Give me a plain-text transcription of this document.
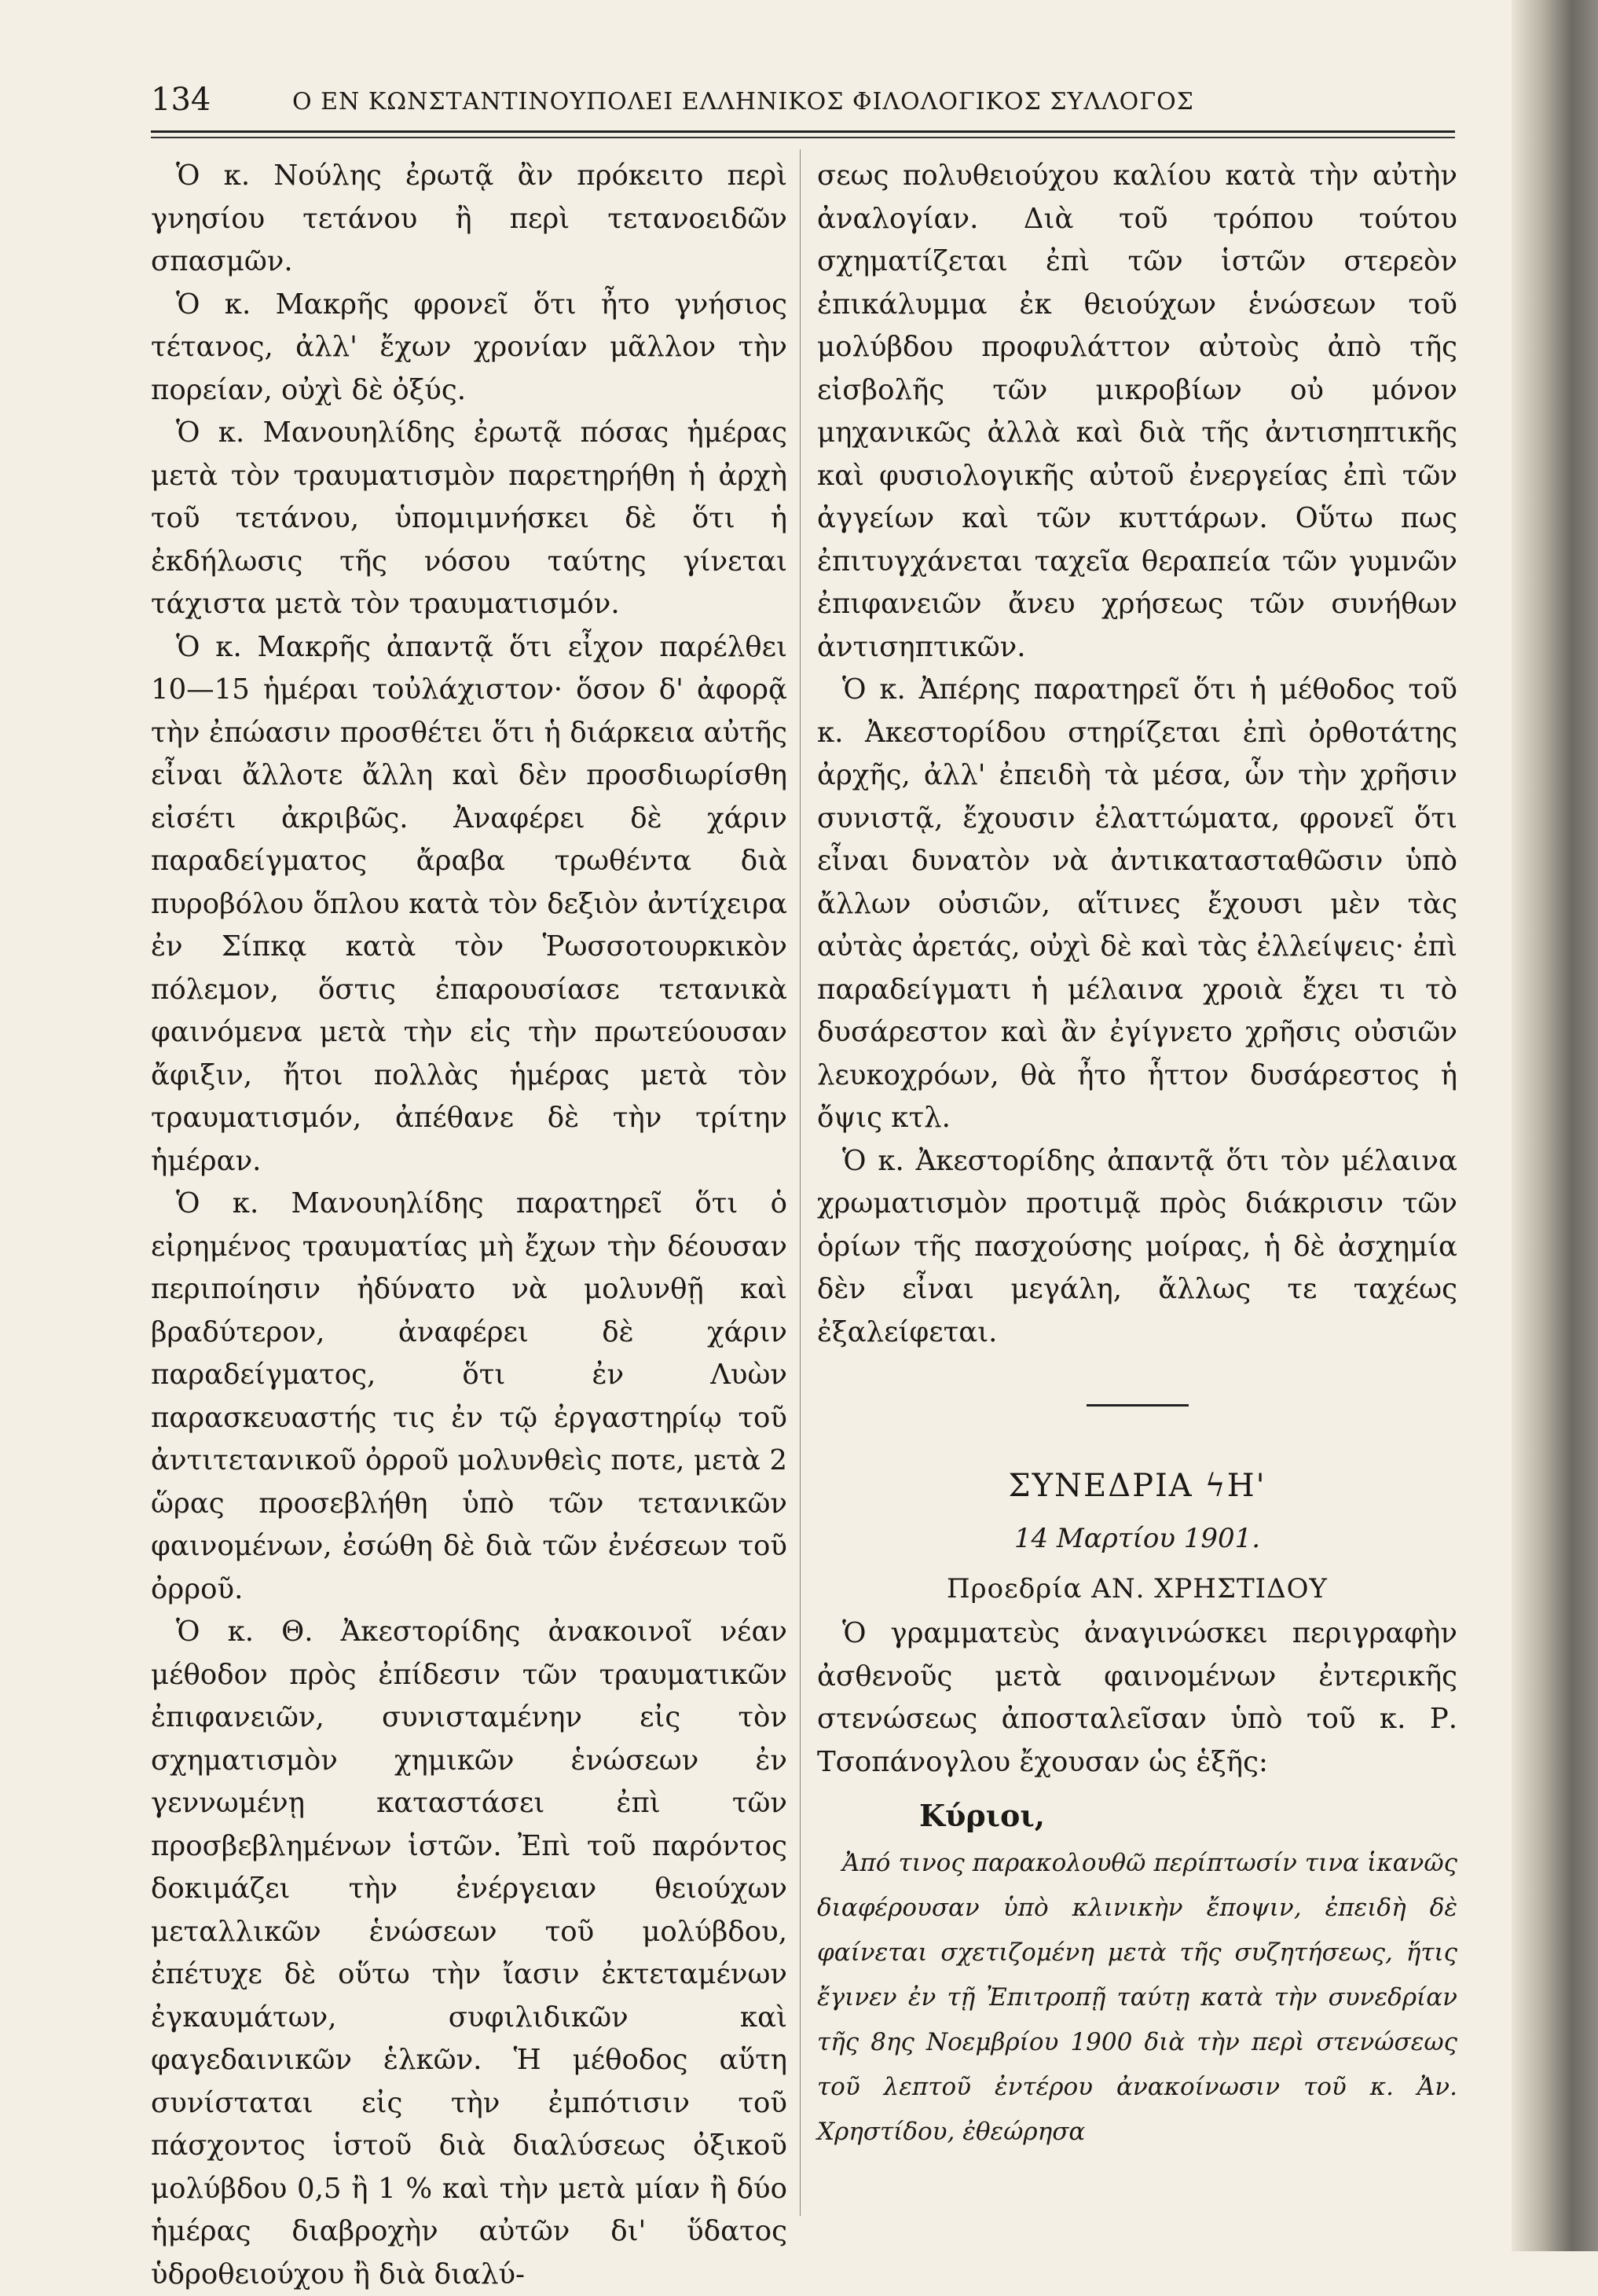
134	Ο ΕΝ ΚΩΝΣΤΑΝΤΙΝΟΥΠΟΛΕΙ ΕΛΛΗΝΙΚΟΣ ΦΙΛΟΛΟΓΙΚΟΣ ΣΥΛΛΟΓΟΣ

Ὁ κ. Νούλης ἐρωτᾷ ἂν πρόκειτο περὶ γνησίου τετάνου ἢ περὶ τετανοειδῶν σπασμῶν.

Ὁ κ. Μακρῆς φρονεῖ ὅτι ἦτο γνήσιος τέτανος, ἀλλ' ἔχων χρονίαν μᾶλλον τὴν πορείαν, οὐχὶ δὲ ὀξύς.

Ὁ κ. Μανουηλίδης ἐρωτᾷ πόσας ἡμέρας μετὰ τὸν τραυματισμὸν παρετηρήθη ἡ ἀρχὴ τοῦ τετάνου, ὑπομιμνήσκει δὲ ὅτι ἡ ἐκδήλωσις τῆς νόσου ταύτης γίνεται τάχιστα μετὰ τὸν τραυματισμόν.

Ὁ κ. Μακρῆς ἀπαντᾷ ὅτι εἶχον παρέλθει 10—15 ἡμέραι τοὐλάχιστον· ὅσον δ' ἀφορᾷ τὴν ἐπώασιν προσθέτει ὅτι ἡ διάρκεια αὐτῆς εἶναι ἄλλοτε ἄλλη καὶ δὲν προσδιωρίσθη εἰσέτι ἀκριβῶς. Ἀναφέρει δὲ χάριν παραδείγματος ἄραβα τρωθέντα διὰ πυροβόλου ὅπλου κατὰ τὸν δεξιὸν ἀντίχειρα ἐν Σίπκᾳ κατὰ τὸν Ῥωσσοτουρκικὸν πόλεμον, ὅστις ἐπαρουσίασε τετανικὰ φαινόμενα μετὰ τὴν εἰς τὴν πρωτεύουσαν ἄφιξιν, ἤτοι πολλὰς ἡμέρας μετὰ τὸν τραυματισμόν, ἀπέθανε δὲ τὴν τρίτην ἡμέραν.

Ὁ κ. Μανουηλίδης παρατηρεῖ ὅτι ὁ εἰρημένος τραυματίας μὴ ἔχων τὴν δέουσαν περιποίησιν ἠδύνατο νὰ μολυνθῇ καὶ βραδύτερον, ἀναφέρει δὲ χάριν παραδείγματος, ὅτι ἐν Λυὼν παρασκευαστής τις ἐν τῷ ἐργαστηρίῳ τοῦ ἀντιτετανικοῦ ὀρροῦ μολυνθεὶς ποτε, μετὰ 2 ὥρας προσεβλήθη ὑπὸ τῶν τετανικῶν φαινομένων, ἐσώθη δὲ διὰ τῶν ἐνέσεων τοῦ ὀρροῦ.

Ὁ κ. Θ. Ἀκεστορίδης ἀνακοινοῖ νέαν μέθοδον πρὸς ἐπίδεσιν τῶν τραυματικῶν ἐπιφανειῶν, συνισταμένην εἰς τὸν σχηματισμὸν χημικῶν ἑνώσεων ἐν γεννωμένῃ καταστάσει ἐπὶ τῶν προσβεβλημένων ἱστῶν. Ἐπὶ τοῦ παρόντος δοκιμάζει τὴν ἐνέργειαν θειούχων μεταλλικῶν ἑνώσεων τοῦ μολύβδου, ἐπέτυχε δὲ οὕτω τὴν ἴασιν ἐκτεταμένων ἐγκαυμάτων, συφιλιδικῶν καὶ φαγεδαινικῶν ἑλκῶν. Ἡ μέθοδος αὕτη συνίσταται εἰς τὴν ἐμπότισιν τοῦ πάσχοντος ἱστοῦ διὰ διαλύσεως ὀξικοῦ μολύβδου 0,5 ἢ 1 % καὶ τὴν μετὰ μίαν ἢ δύο ἡμέρας διαβροχὴν αὐτῶν δι' ὕδατος ὑδροθειούχου ἢ διὰ διαλύ-

σεως πολυθειούχου καλίου κατὰ τὴν αὐτὴν ἀναλογίαν. Διὰ τοῦ τρόπου τούτου σχηματίζεται ἐπὶ τῶν ἱστῶν στερεὸν ἐπικάλυμμα ἐκ θειούχων ἑνώσεων τοῦ μολύβδου προφυλάττον αὐτοὺς ἀπὸ τῆς εἰσβολῆς τῶν μικροβίων οὐ μόνον μηχανικῶς ἀλλὰ καὶ διὰ τῆς ἀντισηπτικῆς καὶ φυσιολογικῆς αὐτοῦ ἐνεργείας ἐπὶ τῶν ἀγγείων καὶ τῶν κυττάρων. Οὕτω πως ἐπιτυγχάνεται ταχεῖα θεραπεία τῶν γυμνῶν ἐπιφανειῶν ἄνευ χρήσεως τῶν συνήθων ἀντισηπτικῶν.

Ὁ κ. Ἀπέρης παρατηρεῖ ὅτι ἡ μέθοδος τοῦ κ. Ἀκεστορίδου στηρίζεται ἐπὶ ὀρθοτάτης ἀρχῆς, ἀλλ' ἐπειδὴ τὰ μέσα, ὧν τὴν χρῆσιν συνιστᾷ, ἔχουσιν ἐλαττώματα, φρονεῖ ὅτι εἶναι δυνατὸν νὰ ἀντικατασταθῶσιν ὑπὸ ἄλλων οὐσιῶν, αἵτινες ἔχουσι μὲν τὰς αὐτὰς ἀρετάς, οὐχὶ δὲ καὶ τὰς ἐλλείψεις· ἐπὶ παραδείγματι ἡ μέλαινα χροιὰ ἔχει τι τὸ δυσάρεστον καὶ ἂν ἐγίγνετο χρῆσις οὐσιῶν λευκοχρόων, θὰ ἦτο ἧττον δυσάρεστος ἡ ὄψις κτλ.

Ὁ κ. Ἀκεστορίδης ἀπαντᾷ ὅτι τὸν μέλαινα χρωματισμὸν προτιμᾷ πρὸς διάκρισιν τῶν ὁρίων τῆς πασχούσης μοίρας, ἡ δὲ ἀσχημία δὲν εἶναι μεγάλη, ἄλλως τε ταχέως ἐξαλείφεται.

ΣΥΝΕΔΡΙΑ ϟΗ'
14 Μαρτίου 1901.
Προεδρία ΑΝ. ΧΡΗΣΤΙΔΟΥ

Ὁ γραμματεὺς ἀναγινώσκει περιγραφὴν ἀσθενοῦς μετὰ φαινομένων ἐντερικῆς στενώσεως ἀποσταλεῖσαν ὑπὸ τοῦ κ. Ρ. Τσοπάνογλου ἔχουσαν ὡς ἑξῆς:

Κύριοι,

Ἀπό τινος παρακολουθῶ περίπτωσίν τινα ἱκανῶς διαφέρουσαν ὑπὸ κλινικὴν ἔποψιν, ἐπειδὴ δὲ φαίνεται σχετιζομένη μετὰ τῆς συζητήσεως, ἥτις ἔγινεν ἐν τῇ Ἐπιτροπῇ ταύτῃ κατὰ τὴν συνεδρίαν τῆς 8ης Νοεμβρίου 1900 διὰ τὴν περὶ στενώσεως τοῦ λεπτοῦ ἐντέρου ἀνακοίνωσιν τοῦ κ. Ἀν. Χρηστίδου, ἐθεώρησα
